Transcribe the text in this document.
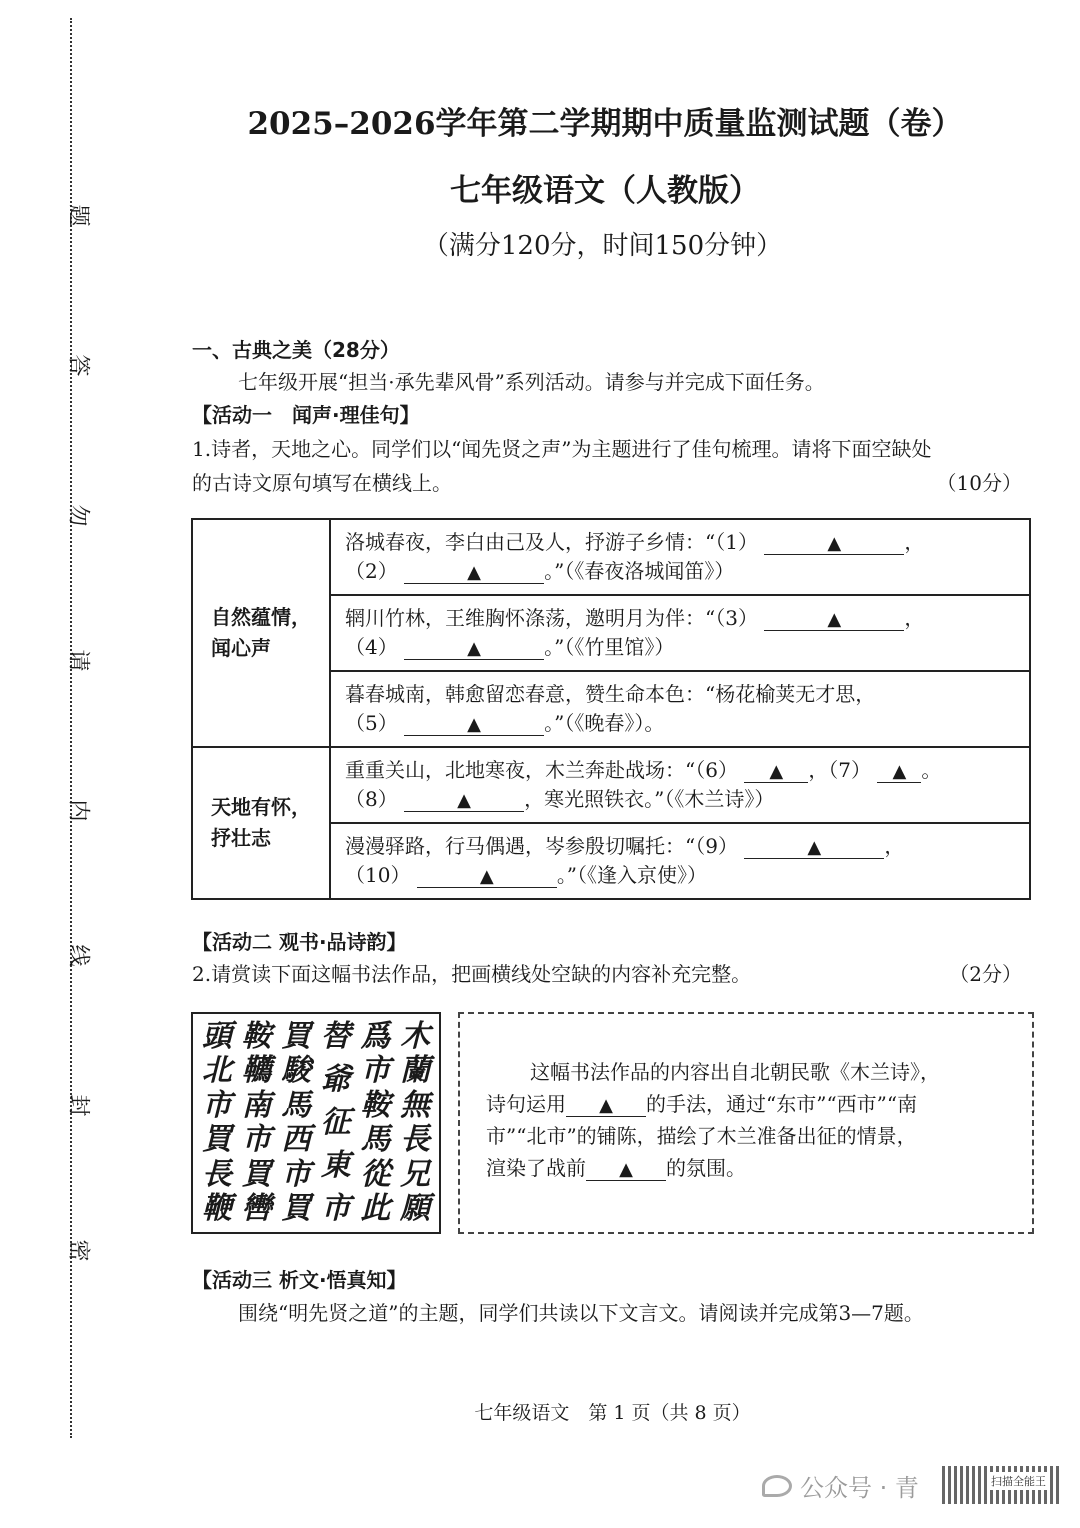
题
答
勿
请
内
线
封
密
2025–2026学年第二学期期中质量监测试题（卷）
七年级语文（人教版）
（满分120分，时间150分钟）
一、古典之美（28分）
七年级开展“担当·承先辈风骨”系列活动。请参与并完成下面任务。
【活动一　闻声·理佳句】
1.诗者，天地之心。同学们以“闻先贤之声”为主题进行了佳句梳理。请将下面空缺处
的古诗文原句填写在横线上。	（10分）
自然蕴情，
闻心声	洛城春夜，李白由己及人，抒游子乡情：“（1） ▲ ，
（2） ▲ 。”（《春夜洛城闻笛》）
	辋川竹林，王维胸怀涤荡，邀明月为伴：“（3） ▲ ，
（4） ▲ 。”（《竹里馆》）
	暮春城南，韩愈留恋春意，赞生命本色：“杨花榆荚无才思，
（5） ▲ 。”（《晚春》）。
天地有怀，
抒壮志	重重关山，北地寒夜，木兰奔赴战场：“（6） ▲ ，（7） ▲ 。
（8） ▲ ，寒光照铁衣。”（《木兰诗》）
	漫漫驿路，行马偶遇，岑参殷切嘱托：“（9） ▲ ，
（10） ▲ 。”（《逢入京使》）
【活动二 观书·品诗韵】
2.请赏读下面这幅书法作品，把画横线处空缺的内容补充完整。	（2分）
木
蘭
無
長
兄
願
爲
市
鞍
馬
從
此
替
爺
征
東
市
買
駿
馬
西
市
買
鞍
韉
南
市
買
轡
頭
北
市
買
長
鞭
这幅书法作品的内容出自北朝民歌《木兰诗》，
诗句运用 ▲ 的手法，通过“东市”“西市”“南
市”“北市”的铺陈，描绘了木兰准备出征的情景，
渲染了战前 ▲ 的氛围。
【活动三 析文·悟真知】
围绕“明先贤之道”的主题，同学们共读以下文言文。请阅读并完成第3—7题。
七年级语文　第 1 页（共 8 页）
公众号 · 青	扫描全能王
